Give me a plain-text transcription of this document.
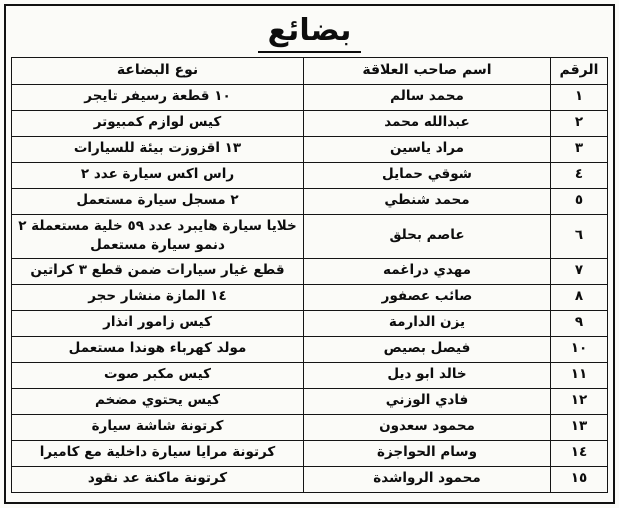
بضائع
الرقم	اسم صاحب العلاقة	نوع البضاعة
١	محمد سالم	١٠ قطعة رسيفر تايجر
٢	عبدالله محمد	كيس لوازم كمبيوتر
٣	مراد ياسين	١٣ اقزوزت بيئة للسيارات
٤	شوقي حمايل	راس اكس سيارة عدد ٢
٥	محمد شنطي	٢ مسجل سيارة مستعمل
٦	عاصم بحلق	خلايا سيارة هايبرد عدد ٥٩ خلية مستعملة ٢ دنمو سيارة مستعمل
٧	مهدي دراغمه	قطع غيار سيارات ضمن قطع ٣ كراتين
٨	صائب عصفور	١٤ المازة منشار حجر
٩	يزن الدارمة	كيس زامور انذار
١٠	فيصل بصيص	مولد كهرباء هوندا مستعمل
١١	خالد ابو ديل	كيس مكبر صوت
١٢	فادي الوزني	كيس يحتوي مضخم
١٣	محمود سعدون	كرتونة شاشة سيارة
١٤	وسام الحواجزة	كرتونة مرايا سيارة داخلية مع كاميرا
١٥	محمود الرواشدة	كرتونة ماكنة عد نقود
